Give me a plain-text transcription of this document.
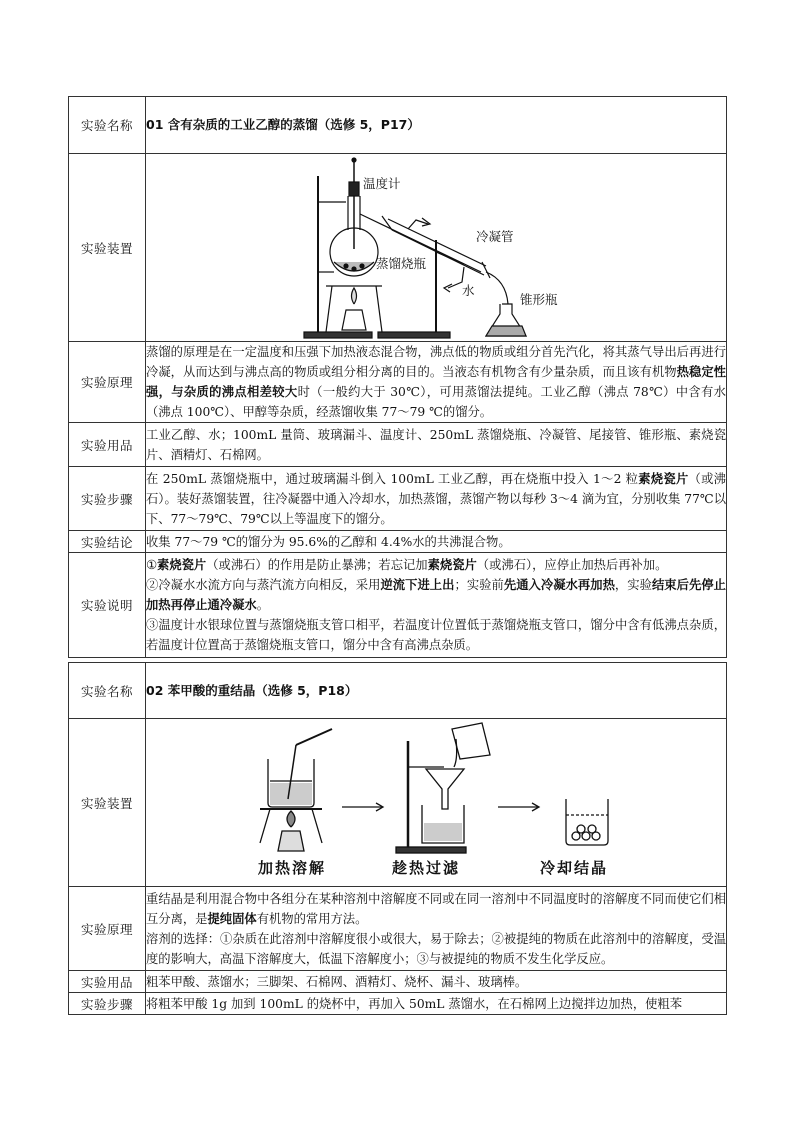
实验名称	01 含有杂质的工业乙醇的蒸馏（选修 5，P17）
实验装置	温度计
冷凝管
蒸馏烧瓶
水
锥形瓶

实验原理	蒸馏的原理是在一定温度和压强下加热液态混合物，沸点低的物质或组分首先汽化，将其蒸气导出后再进行冷凝，从而达到与沸点高的物质或组分相分离的目的。当液态有机物含有少量杂质，而且该有机物热稳定性强，与杂质的沸点相差较大时（一般约大于 30℃），可用蒸馏法提纯。工业乙醇（沸点 78℃）中含有水（沸点 100℃）、甲醇等杂质，经蒸馏收集 77～79 ℃的馏分。
实验用品	工业乙醇、水；100mL 量筒、玻璃漏斗、温度计、250mL 蒸馏烧瓶、冷凝管、尾接管、锥形瓶、素烧瓷片、酒精灯、石棉网。
实验步骤	在 250mL 蒸馏烧瓶中，通过玻璃漏斗倒入 100mL 工业乙醇，再在烧瓶中投入 1～2 粒素烧瓷片（或沸石）。装好蒸馏装置，往冷凝器中通入冷却水，加热蒸馏，蒸馏产物以每秒 3～4 滴为宜，分别收集 77℃以下、77～79℃、79℃以上等温度下的馏分。
实验结论	收集 77～79 ℃的馏分为 95.6%的乙醇和 4.4%水的共沸混合物。
实验说明	①素烧瓷片（或沸石）的作用是防止暴沸；若忘记加素烧瓷片（或沸石），应停止加热后再补加。
②冷凝水水流方向与蒸汽流方向相反，采用逆流下进上出；实验前先通入冷凝水再加热，实验结束后先停止加热再停止通冷凝水。
③温度计水银球位置与蒸馏烧瓶支管口相平，若温度计位置低于蒸馏烧瓶支管口，馏分中含有低沸点杂质，若温度计位置高于蒸馏烧瓶支管口，馏分中含有高沸点杂质。
实验名称	02 苯甲酸的重结晶（选修 5，P18）
实验装置	加热溶解 趁热过滤 冷却结晶

实验原理	重结晶是利用混合物中各组分在某种溶剂中溶解度不同或在同一溶剂中不同温度时的溶解度不同而使它们相互分离，是提纯固体有机物的常用方法。
溶剂的选择：①杂质在此溶剂中溶解度很小或很大，易于除去；②被提纯的物质在此溶剂中的溶解度，受温度的影响大，高温下溶解度大，低温下溶解度小；③与被提纯的物质不发生化学反应。

实验用品	粗苯甲酸、蒸馏水；三脚架、石棉网、酒精灯、烧杯、漏斗、玻璃棒。
实验步骤	将粗苯甲酸 1g 加到 100mL 的烧杯中，再加入 50mL 蒸馏水，在石棉网上边搅拌边加热，使粗苯
